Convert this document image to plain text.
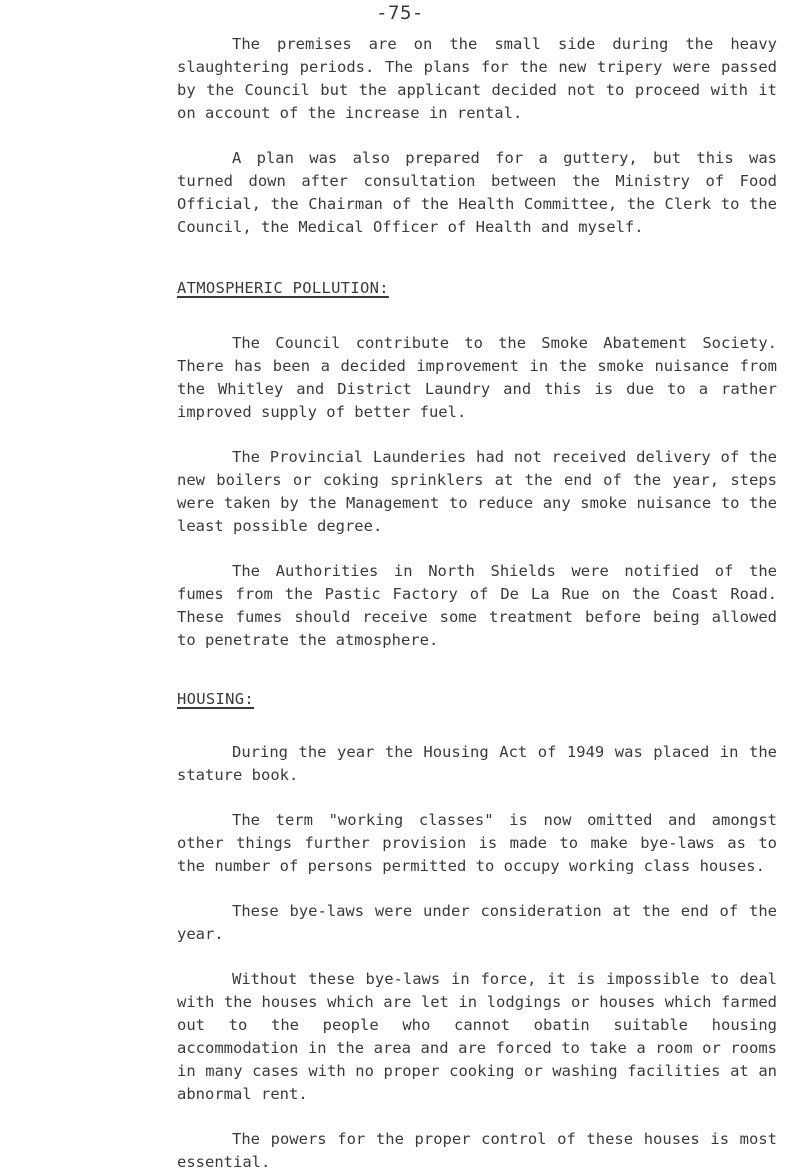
-75-

The premises are on the small side during the heavy slaughtering periods. The plans for the new tripery were passed by the Council but the applicant decided not to proceed with it on account of the increase in rental.

A plan was also prepared for a guttery, but this was turned down after consultation between the Ministry of Food Official, the Chairman of the Health Committee, the Clerk to the Council, the Medical Officer of Health and myself.

ATMOSPHERIC POLLUTION:

The Council contribute to the Smoke Abatement Society. There has been a decided improvement in the smoke nuisance from the Whitley and District Laundry and this is due to a rather improved supply of better fuel.

The Provincial Launderies had not received delivery of the new boilers or coking sprinklers at the end of the year, steps were taken by the Management to reduce any smoke nuisance to the least possible degree.

The Authorities in North Shields were notified of the fumes from the Pastic Factory of De La Rue on the Coast Road. These fumes should receive some treatment before being allowed to penetrate the atmosphere.

HOUSING:

During the year the Housing Act of 1949 was placed in the stature book.

The term "working classes" is now omitted and amongst other things further provision is made to make bye-laws as to the number of persons permitted to occupy working class houses.

These bye-laws were under consideration at the end of the year.

Without these bye-laws in force, it is impossible to deal with the houses which are let in lodgings or houses which farmed out to the people who cannot obatin suitable housing accommodation in the area and are forced to take a room or rooms in many cases with no proper cooking or washing facilities at an abnormal rent.

The powers for the proper control of these houses is most essential.
